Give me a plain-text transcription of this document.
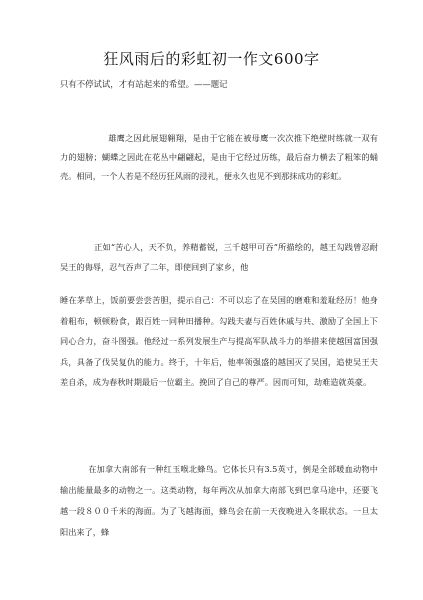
狂风雨后的彩虹初一作文600字
只有不停试试，才有站起来的希望。——题记

雄鹰之因此展翅翱翔，是由于它能在被母鹰一次次推下绝壁时练就一双有力的翅膀；蝴蝶之因此在花丛中翩翩起，是由于它经过历练，最后奋力横去了粗笨的蛹壳。相同，一个人若是不经历狂风雨的浸礼，便永久也见不到那抹成功的彩虹。

正如“苦心人，天不负，养精蓄锐，三千越甲可吞”所描绘的，越王勾践曾忍耐吴王的侮辱，忍气吞声了二年，即使回到了家乡，他

睡在茅草上，饭前要尝尝苦胆，提示自己：不可以忘了在吴国的磨难和羞耻经历！他身着粗布，顿顿粉食，跟百姓一同种田播种。勾践夫妻与百姓休戚与共、激励了全国上下同心合力，奋斗图强。他经过一系列发展生产与提高军队战斗力的举措来使越国富国强兵，具备了伐吴复仇的能力。终于，十年后，他率领强盛的越国灭了吴国，追使吴王夫差自杀，成为春秋时期最后一位霸主。挽回了自己的尊严。因而可知，劫难造就英豪。

在加拿大南部有一种红玉喉北蜂鸟。它体长只有3.5英寸，倒是全部暖血动物中输出能量最多的动物之一。这类动物，每年两次从加拿大南部飞到巴拿马途中，还要飞越一段８００千米的海面。为了飞越海面，蜂鸟会在前一天夜晚进入冬眠状态。一旦太阳出来了，蜂
